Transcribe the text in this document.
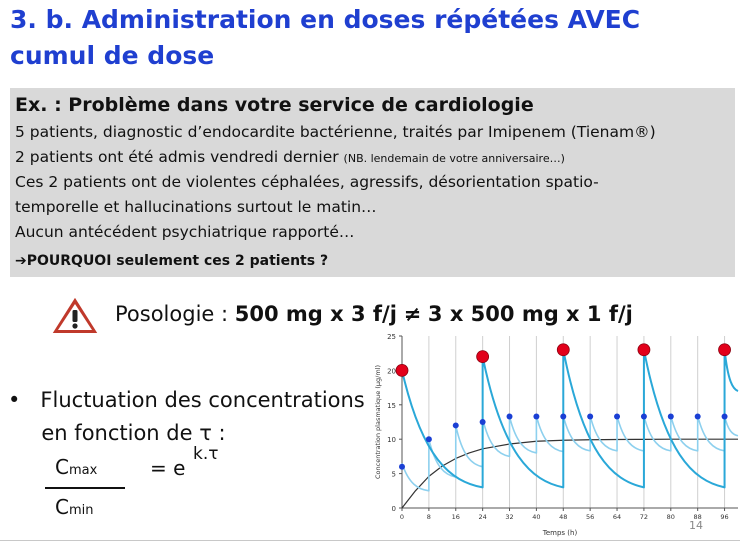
3. b. Administration en doses répétées AVEC cumul de dose
Ex. : Problème dans votre service de cardiologie
5 patients, diagnostic d’endocardite bactérienne, traités par Imipenem (Tienam®)
2 patients ont été admis vendredi dernier (NB. lendemain de votre anniversaire…)
Ces 2 patients ont de violentes céphalées, agressifs, désorientation spatio-
temporelle et hallucinations surtout le matin…
Aucun antécédent psychiatrique rapporté…
➔POURQUOI seulement ces 2 patients ?
Posologie : 500 mg x 3 f/j ≠ 3 x 500 mg x 1 f/j
• Fluctuation des concentrations
en fonction de τ :
Cmax
Cmin
= e
k.τ
0
5
10
15
20
25
0	8	16	24	32	40	48	56	64	72	80	88	96
Temps (h)
Concentration plasmatique (µg/ml)
14
